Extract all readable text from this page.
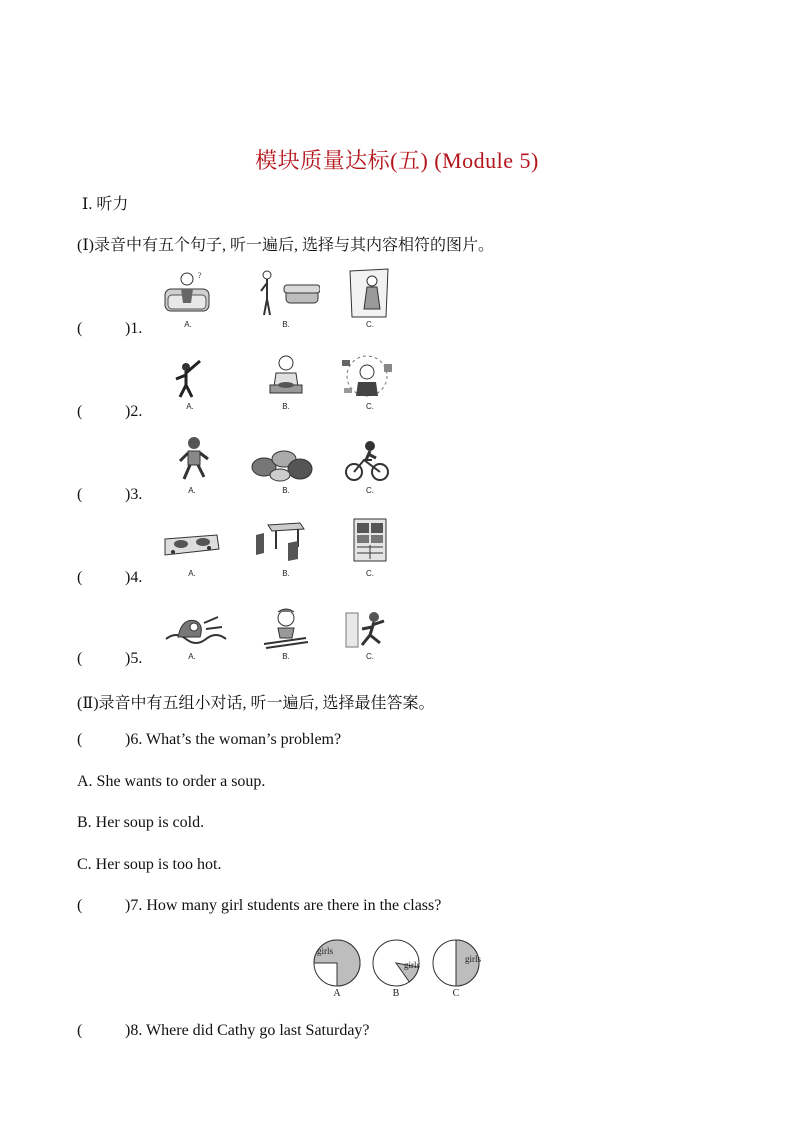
模块质量达标(五) (Module 5)
Ⅰ. 听力
(Ⅰ)录音中有五个句子, 听一遍后, 选择与其内容相符的图片。
(	)1.
?
A.	B.	C.
(	)2.	A.	B.	C.
(	)3.	A.	B.	C.
(	)4.	A.	B.	C.
(	)5.	A.	B.	C.
(Ⅱ)录音中有五组小对话, 听一遍后, 选择最佳答案。
(	)6. What’s the woman’s problem?
A. She wants to order a soup.
B. Her soup is cold.
C. Her soup is too hot.
(	)7. How many girl students are there in the class?
girls
girls
girls
A	B	C
(	)8. Where did Cathy go last Saturday?
